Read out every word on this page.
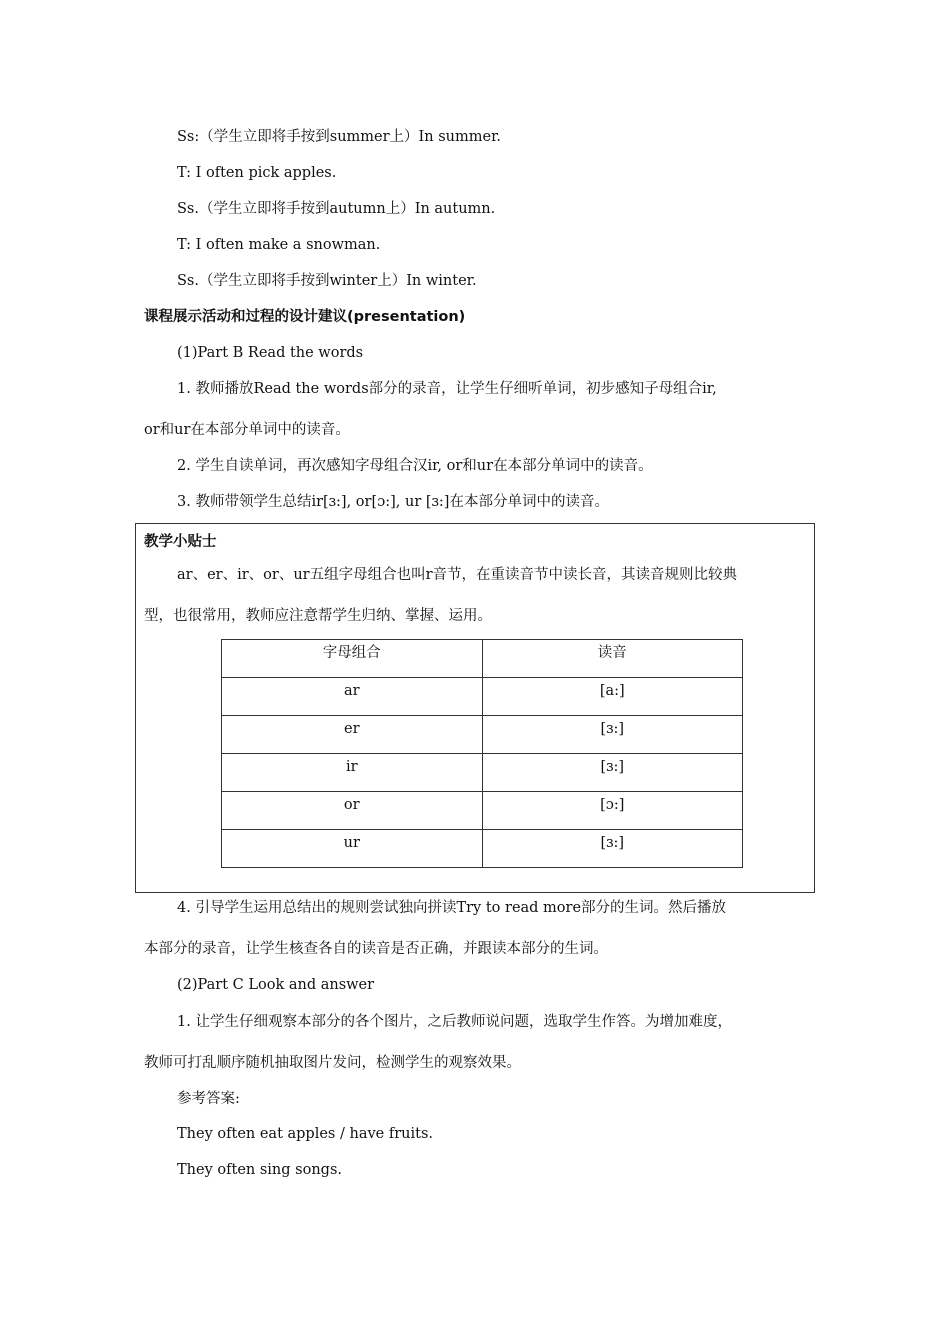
Ss:（学生立即将手按到summer上）In summer.
T: I often pick apples.
Ss.（学生立即将手按到autumn上）In autumn.
T: I often make a snowman.
Ss.（学生立即将手按到winter上）In winter.
课程展示活动和过程的设计建议(presentation)
(1)Part B Read the words
1. 教师播放Read the words部分的录音，让学生仔细听单词，初步感知子母组合ir,
or和ur在本部分单词中的读音。
2. 学生自读单词，再次感知字母组合汉ir, or和ur在本部分单词中的读音。
3. 教师带领学生总结ir[ɜ:], or[ɔ:], ur [ɜ:]在本部分单词中的读音。
教学小贴士
ar、er、ir、or、ur五组字母组合也叫r音节，在重读音节中读长音，其读音规则比较典
型，也很常用，教师应注意帮学生归纳、掌握、运用。
字母组合	读音
ar	[a:]
er	[ɜ:]
ir	[ɜ:]
or	[ɔ:]
ur	[ɜ:]
4. 引导学生运用总结出的规则尝试独向拼读Try to read more部分的生词。然后播放
本部分的录音，让学生核查各自的读音是否正确，并跟读本部分的生词。
(2)Part C Look and answer
1. 让学生仔细观察本部分的各个图片，之后教师说问题，选取学生作答。为增加难度，
教师可打乱顺序随机抽取图片发问，检测学生的观察效果。
参考答案:
They often eat apples / have fruits.
They often sing songs.
